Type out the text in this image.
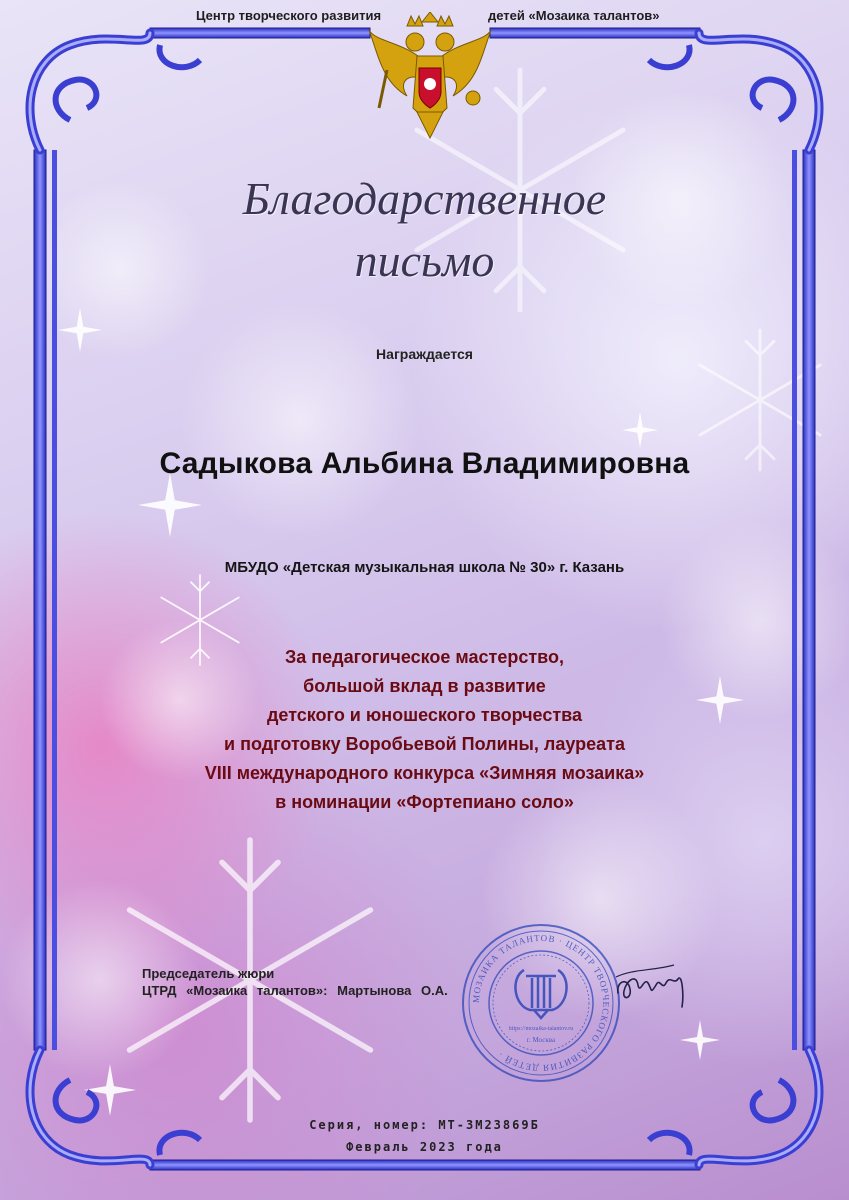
Центр творческого развития	детей «Мозаика талантов»
Благодарственное
письмо
Награждается
Садыкова Альбина Владимировна
МБУДО «Детская музыкальная школа № 30» г. Казань
За педагогическое мастерство,
большой вклад в развитие
детского и юношеского творчества
и подготовку Воробьевой Полины, лауреата
VIII международного конкурса «Зимняя мозаика»
в номинации «Фортепиано соло»
Председатель жюри
ЦТРД «Мозаика талантов»: Мартынова О.А.
МОЗАИКА ТАЛАНТОВ · ЦЕНТР ТВОРЧЕСКОГО РАЗВИТИЯ ДЕТЕЙ ·
https://mozaika-talantov.ru
г. Москва
Серия, номер: МТ-ЗМ23869Б
Февраль 2023 года
